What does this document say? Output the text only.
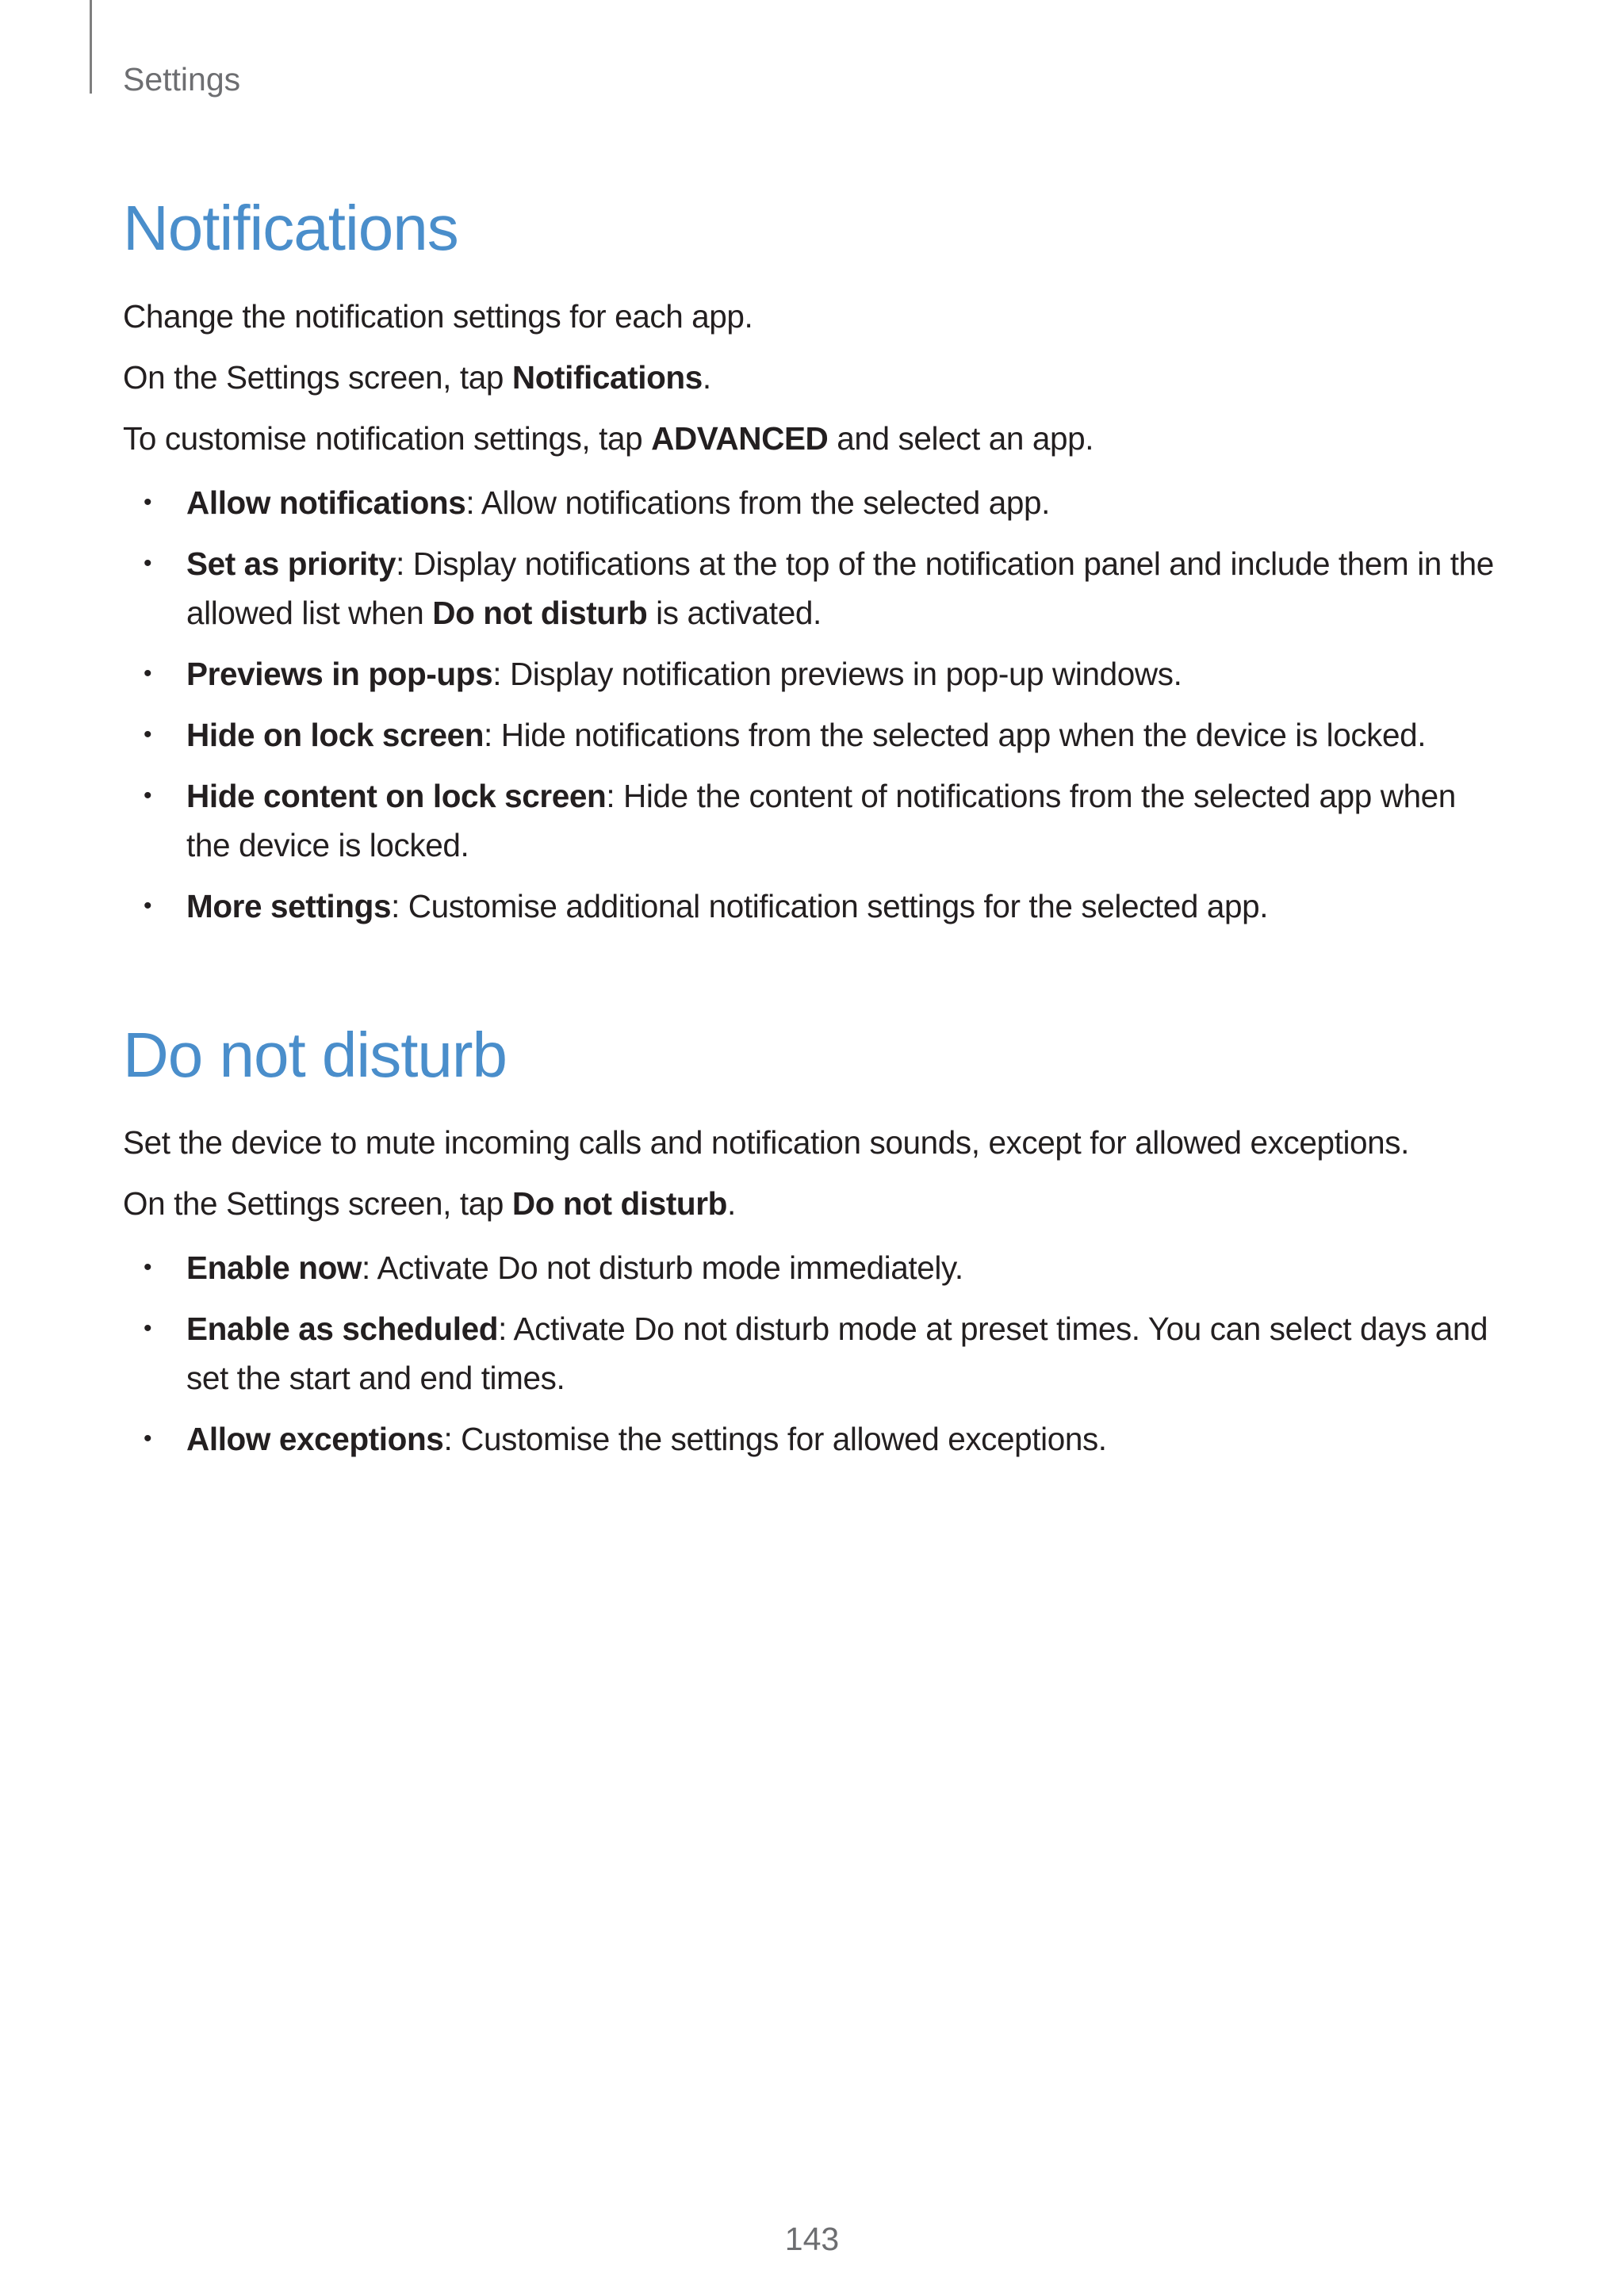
Settings

Notifications

Change the notification settings for each app.

On the Settings screen, tap Notifications.

To customise notification settings, tap ADVANCED and select an app.

• Allow notifications: Allow notifications from the selected app.
• Set as priority: Display notifications at the top of the notification panel and include them in the allowed list when Do not disturb is activated.
• Previews in pop-ups: Display notification previews in pop-up windows.
• Hide on lock screen: Hide notifications from the selected app when the device is locked.
• Hide content on lock screen: Hide the content of notifications from the selected app when the device is locked.
• More settings: Customise additional notification settings for the selected app.
Do not disturb

Set the device to mute incoming calls and notification sounds, except for allowed exceptions.

On the Settings screen, tap Do not disturb.

• Enable now: Activate Do not disturb mode immediately.
• Enable as scheduled: Activate Do not disturb mode at preset times. You can select days and set the start and end times.
• Allow exceptions: Customise the settings for allowed exceptions.

143
